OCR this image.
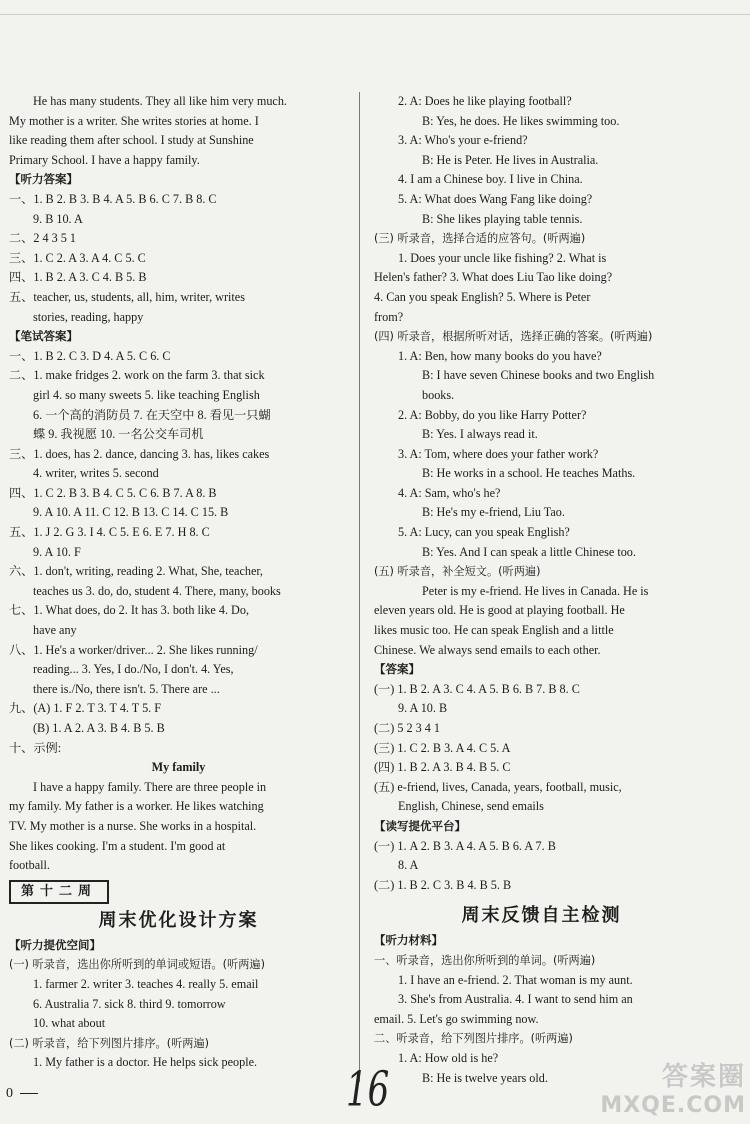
He has many students. They all like him very much.
My mother is a writer. She writes stories at home. I
like reading them after school. I study at Sunshine
Primary School. I have a happy family.
【听力答案】
一、1. B 2. B 3. B 4. A 5. B 6. C 7. B 8. C
9. B 10. A
二、2 4 3 5 1
三、1. C 2. A 3. A 4. C 5. C
四、1. B 2. A 3. C 4. B 5. B
五、teacher, us, students, all, him, writer, writes
stories, reading, happy
【笔试答案】
一、1. B 2. C 3. D 4. A 5. C 6. C
二、1. make fridges 2. work on the farm 3. that sick
girl 4. so many sweets 5. like teaching English
6. 一个高的消防员 7. 在天空中 8. 看见一只蝴
蝶 9. 我视愿 10. 一名公交车司机
三、1. does, has 2. dance, dancing 3. has, likes cakes
4. writer, writes 5. second
四、1. C 2. B 3. B 4. C 5. C 6. B 7. A 8. B
9. A 10. A 11. C 12. B 13. C 14. C 15. B
五、1. J 2. G 3. I 4. C 5. E 6. E 7. H 8. C
9. A 10. F
六、1. don't, writing, reading 2. What, She, teacher,
teaches us 3. do, do, student 4. There, many, books
七、1. What does, do 2. It has 3. both like 4. Do,
have any
八、1. He's a worker/driver... 2. She likes running/
reading... 3. Yes, I do./No, I don't. 4. Yes,
there is./No, there isn't. 5. There are ...
九、(A) 1. F 2. T 3. T 4. T 5. F
(B) 1. A 2. A 3. B 4. B 5. B
十、示例:
My family
I have a happy family. There are three people in
my family. My father is a worker. He likes watching
TV. My mother is a nurse. She works in a hospital.
She likes cooking. I'm a student. I'm good at
football.
第十二周
周末优化设计方案
【听力提优空间】
(一) 听录音，选出你所听到的单词或短语。(听两遍)
1. farmer 2. writer 3. teaches 4. really 5. email
6. Australia 7. sick 8. third 9. tomorrow
10. what about
(二) 听录音，给下列图片排序。(听两遍)
1. My father is a doctor. He helps sick people.
2. A: Does he like playing football?
B: Yes, he does. He likes swimming too.
3. A: Who's your e-friend?
B: He is Peter. He lives in Australia.
4. I am a Chinese boy. I live in China.
5. A: What does Wang Fang like doing?
B: She likes playing table tennis.
(三) 听录音，选择合适的应答句。(听两遍)
1. Does your uncle like fishing? 2. What is
Helen's father? 3. What does Liu Tao like doing?
4. Can you speak English? 5. Where is Peter
from?
(四) 听录音，根据所听对话，选择正确的答案。(听两遍)
1. A: Ben, how many books do you have?
B: I have seven Chinese books and two English
books.
2. A: Bobby, do you like Harry Potter?
B: Yes. I always read it.
3. A: Tom, where does your father work?
B: He works in a school. He teaches Maths.
4. A: Sam, who's he?
B: He's my e-friend, Liu Tao.
5. A: Lucy, can you speak English?
B: Yes. And I can speak a little Chinese too.
(五) 听录音，补全短文。(听两遍)
Peter is my e-friend. He lives in Canada. He is
eleven years old. He is good at playing football. He
likes music too. He can speak English and a little
Chinese. We always send emails to each other.
【答案】
(一) 1. B 2. A 3. C 4. A 5. B 6. B 7. B 8. C
9. A 10. B
(二) 5 2 3 4 1
(三) 1. C 2. B 3. A 4. C 5. A
(四) 1. B 2. A 3. B 4. B 5. C
(五) e-friend, lives, Canada, years, football, music,
English, Chinese, send emails
【读写提优平台】
(一) 1. A 2. B 3. A 4. A 5. B 6. A 7. B
8. A
(二) 1. B 2. C 3. B 4. B 5. B
周末反馈自主检测
【听力材料】
一、听录音，选出你所听到的单词。(听两遍)
1. I have an e-friend. 2. That woman is my aunt.
3. She's from Australia. 4. I want to send him an
email. 5. Let's go swimming now.
二、听录音，给下列图片排序。(听两遍)
1. A: How old is he?
B: He is twelve years old.
0	16	答案圈
MXQE.COM
